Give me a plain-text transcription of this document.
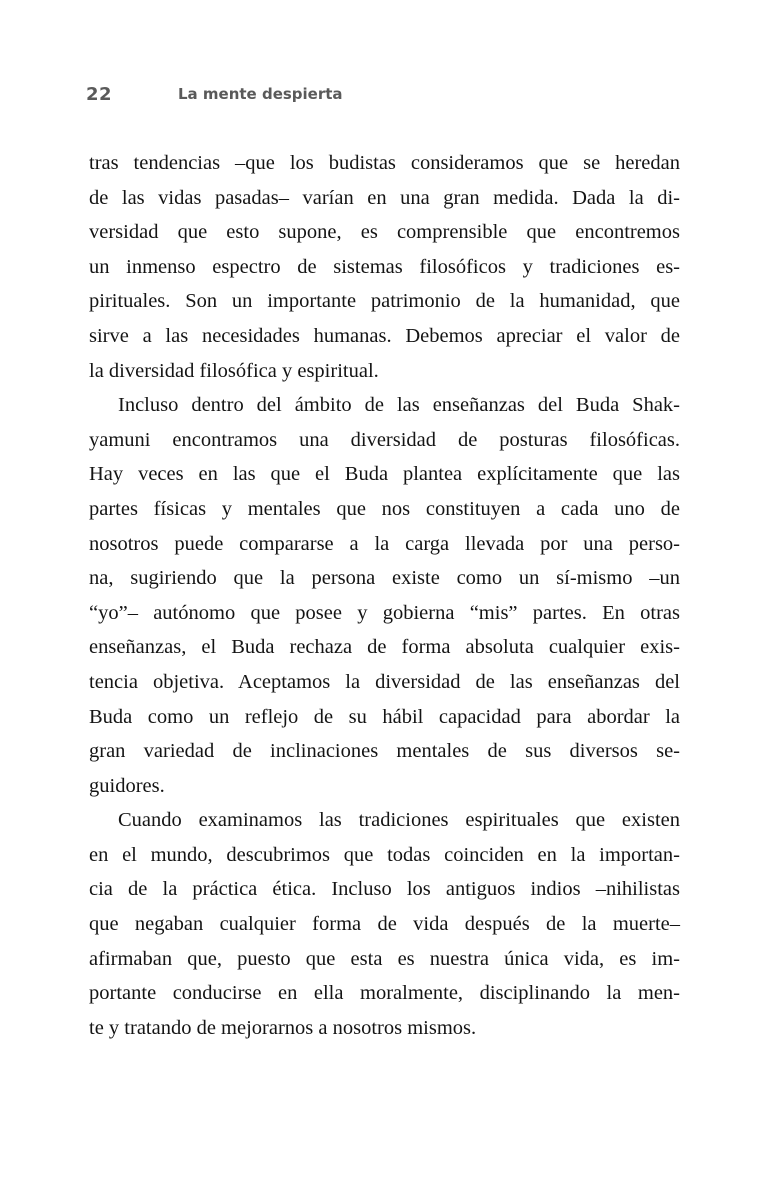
22	La mente despierta
tras tendencias –que los budistas consideramos que se heredan
de las vidas pasadas– varían en una gran medida. Dada la di-
versidad que esto supone, es comprensible que encontremos
un inmenso espectro de sistemas filosóficos y tradiciones es-
pirituales. Son un importante patrimonio de la humanidad, que
sirve a las necesidades humanas. Debemos apreciar el valor de
la diversidad filosófica y espiritual.
Incluso dentro del ámbito de las enseñanzas del Buda Shak-
yamuni encontramos una diversidad de posturas filosóficas.
Hay veces en las que el Buda plantea explícitamente que las
partes físicas y mentales que nos constituyen a cada uno de
nosotros puede compararse a la carga llevada por una perso-
na, sugiriendo que la persona existe como un sí-mismo –un
“yo”– autónomo que posee y gobierna “mis” partes. En otras
enseñanzas, el Buda rechaza de forma absoluta cualquier exis-
tencia objetiva. Aceptamos la diversidad de las enseñanzas del
Buda como un reflejo de su hábil capacidad para abordar la
gran variedad de inclinaciones mentales de sus diversos se-
guidores.
Cuando examinamos las tradiciones espirituales que existen
en el mundo, descubrimos que todas coinciden en la importan-
cia de la práctica ética. Incluso los antiguos indios –nihilistas
que negaban cualquier forma de vida después de la muerte–
afirmaban que, puesto que esta es nuestra única vida, es im-
portante conducirse en ella moralmente, disciplinando la men-
te y tratando de mejorarnos a nosotros mismos.
